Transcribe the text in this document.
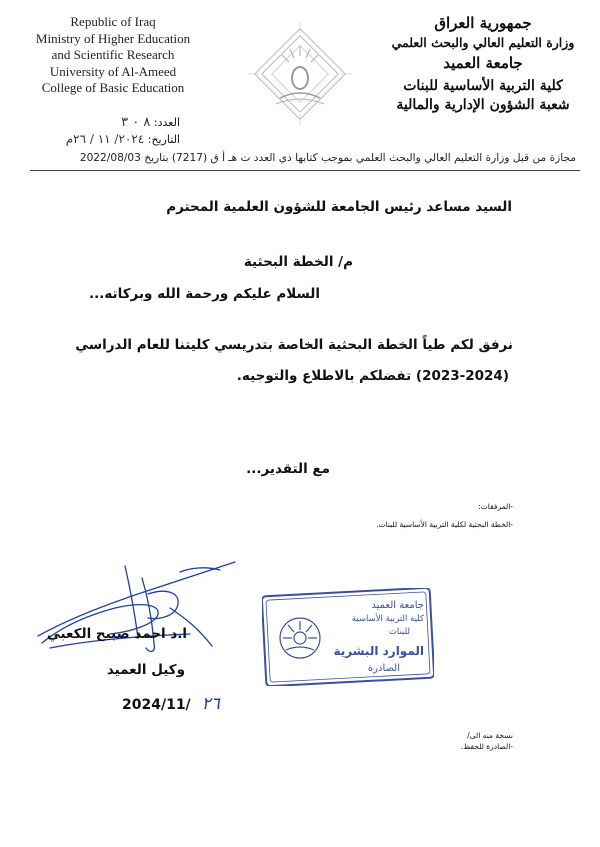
Republic of Iraq
Ministry of Higher Education
and Scientific Research
University of Al-Ameed
College of Basic Education
جمهورية العراق
وزارة التعليم العالي والبحث العلمي
جامعة العميد
كلية التربية الأساسية للبنات
شعبة الشؤون الإدارية والمالية
العدد: ٨ ٠ ٣
التاريخ: ٢٠٢٤/ ١١ / ٢٦م
مجازة من قبل وزارة التعليم العالي والبحث العلمي بموجب كتابها ذي العدد ت هـ أ ق (7217) بتاريخ 2022/08/03
السيد مساعد رئيس الجامعة للشؤون العلمية المحترم
م/ الخطة البحثية
السلام عليكم ورحمة الله وبركاته...
نرفق لكم طياً الخطة البحثية الخاصة بتدريسي كليتنا للعام الدراسي
(2023-2024) تفضلكم بالاطلاع والتوجيه.
مع التقدير...
-المرفقات:
-الخطة البحثية لكلية التربية الأساسية للبنات.
جامعة العميد
كلية التربية الأساسية
للبنات
الموارد البشرية
الصادرة
ا.د احمد صبيح الكعبي
وكيل العميد
2024/11/ ٢٦
نسخة منه الى/
-الصادرة للحفظ.
